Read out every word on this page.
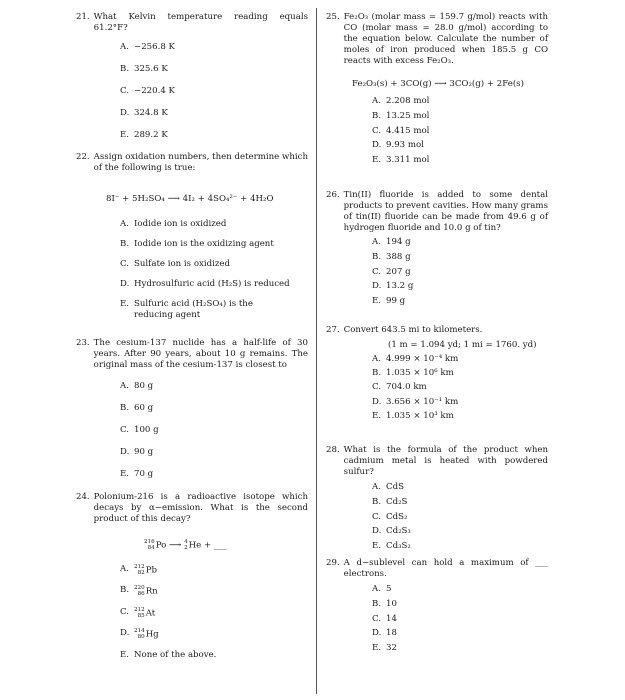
21. What Kelvin temperature reading equals 61.2°F?
A. −256.8 K
B. 325.6 K
C. −220.4 K
D. 324.8 K
E. 289.2 K
22. Assign oxidation numbers, then determine which of the following is true:
8I⁻ + 5H₂SO₄ ⟶ 4I₂ + 4SO₄²⁻ + 4H₂O
A. Iodide ion is oxidized
B. Iodide ion is the oxidizing agent
C. Sulfate ion is oxidized
D. Hydrosulfuric acid (H₂S) is reduced
E. Sulfuric acid (H₂SO₄) is the reducing agent
23. The cesium-137 nuclide has a half-life of 30 years. After 90 years, about 10 g remains. The original mass of the cesium-137 is closest to
A. 80 g
B. 60 g
C. 100 g
D. 90 g
E. 70 g
24. Polonium-216 is a radioactive isotope which decays by α−emission. What is the second product of this decay?
216
84 Po ⟶ 4
2 He + ___
A. 212
82 Pb
B. 220
86 Rn
C. 212
85 At
D. 214
80 Hg
E. None of the above.
25. Fe₂O₃ (molar mass = 159.7 g/mol) reacts with CO (molar mass = 28.0 g/mol) according to the equation below. Calculate the number of moles of iron produced when 185.5 g CO reacts with excess Fe₂O₃.
Fe₂O₃(s) + 3CO(g) ⟶ 3CO₂(g) + 2Fe(s)
A. 2.208 mol
B. 13.25 mol
C. 4.415 mol
D. 9.93 mol
E. 3.311 mol
26. Tin(II) fluoride is added to some dental products to prevent cavities. How many grams of tin(II) fluoride can be made from 49.6 g of hydrogen fluoride and 10.0 g of tin?
A. 194 g
B. 388 g
C. 207 g
D. 13.2 g
E. 99 g
27. Convert 643.5 mi to kilometers.
(1 m = 1.094 yd; 1 mi = 1760. yd)
A. 4.999 × 10⁻⁴ km
B. 1.035 × 10⁶ km
C. 704.0 km
D. 3.656 × 10⁻¹ km
E. 1.035 × 10³ km
28. What is the formula of the product when cadmium metal is heated with powdered sulfur?
A. CdS
B. Cd₂S
C. CdS₂
D. Cd₂S₃
E. Cd₃S₂
29. A d−sublevel can hold a maximum of ___ electrons.
A. 5
B. 10
C. 14
D. 18
E. 32
